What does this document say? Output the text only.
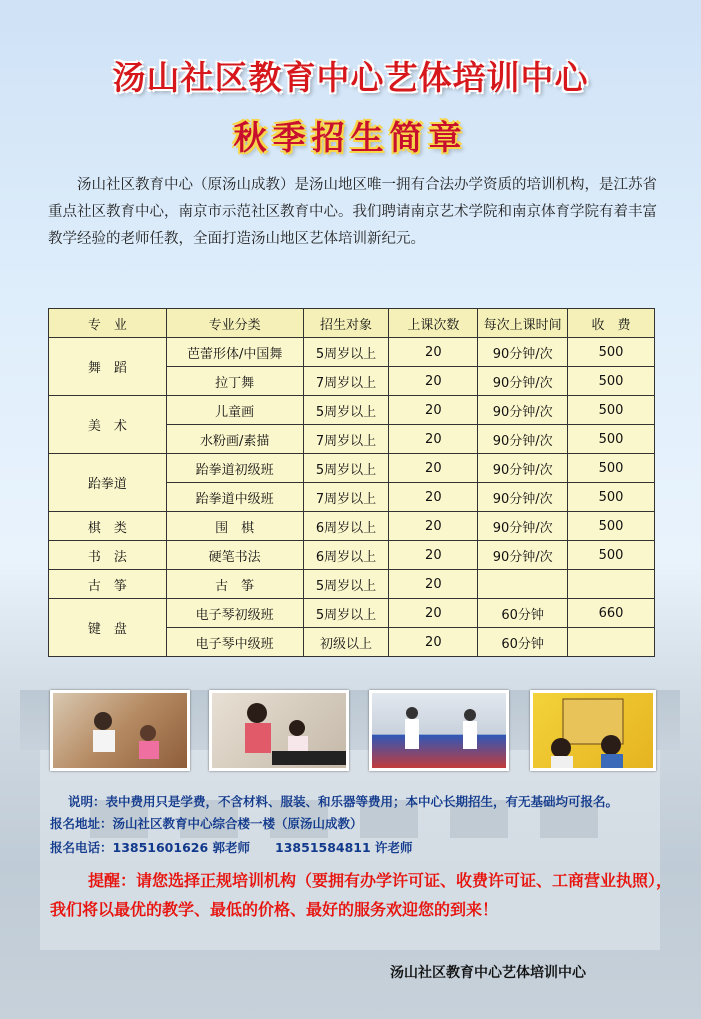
汤山社区教育中心艺体培训中心
秋季招生简章

汤山社区教育中心（原汤山成教）是汤山地区唯一拥有合法办学资质的培训机构，是江苏省重点社区教育中心，南京市示范社区教育中心。我们聘请南京艺术学院和南京体育学院有着丰富教学经验的老师任教，全面打造汤山地区艺体培训新纪元。

专　业	专业分类	招生对象	上课次数	每次上课时间	收　费
舞　蹈	芭蕾形体/中国舞	5周岁以上	20	90分钟/次	500
	拉丁舞	7周岁以上	20	90分钟/次	500
美　术	儿童画	5周岁以上	20	90分钟/次	500
	水粉画/素描	7周岁以上	20	90分钟/次	500
跆拳道	跆拳道初级班	5周岁以上	20	90分钟/次	500
	跆拳道中级班	7周岁以上	20	90分钟/次	500
棋　类	围　棋	6周岁以上	20	90分钟/次	500
书　法	硬笔书法	6周岁以上	20	90分钟/次	500
古　筝	古　筝	5周岁以上	20		
键　盘	电子琴初级班	5周岁以上	20	60分钟	660
	电子琴中级班	初级以上	20	60分钟	
说明：表中费用只是学费，不含材料、服装、和乐器等费用；本中心长期招生，有无基础均可报名。
报名地址：汤山社区教育中心综合楼一楼（原汤山成教）
报名电话：13851601626 郭老师　　13851584811 许老师

提醒：请您选择正规培训机构（要拥有办学许可证、收费许可证、工商营业执照），我们将以最优的教学、最低的价格、最好的服务欢迎您的到来！

汤山社区教育中心艺体培训中心
